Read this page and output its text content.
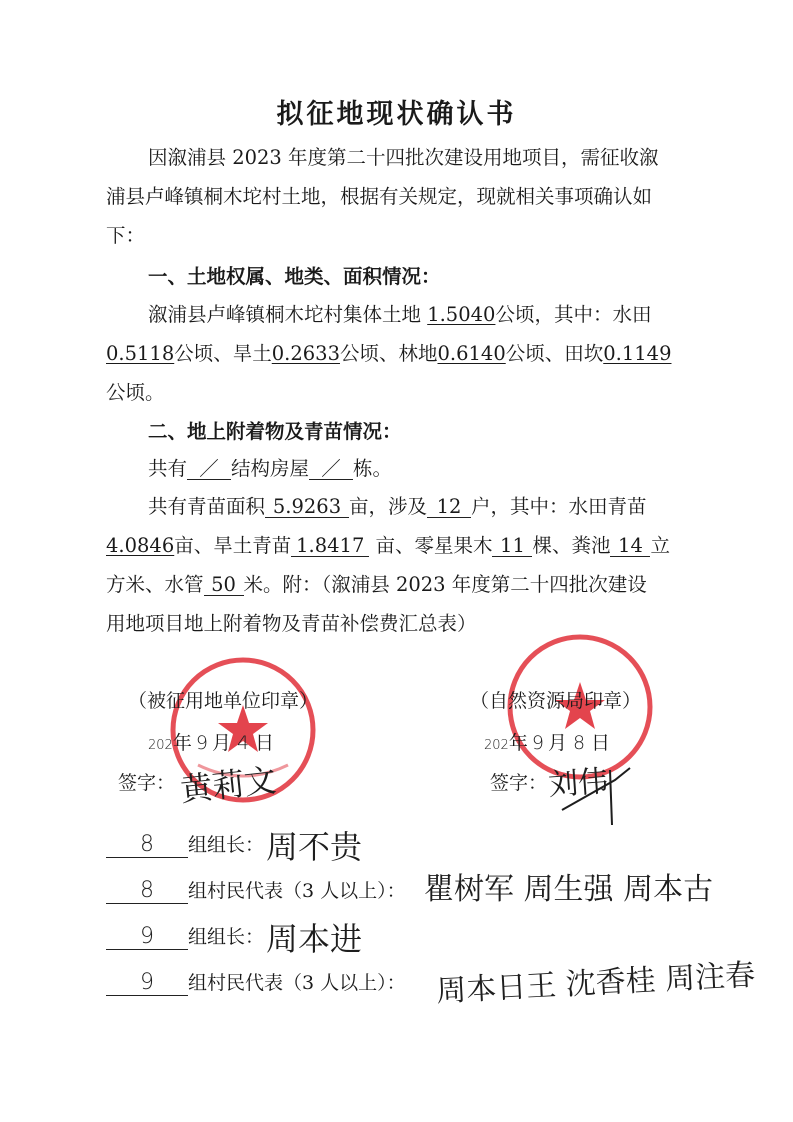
拟征地现状确认书
因溆浦县 2023 年度第二十四批次建设用地项目，需征收溆
浦县卢峰镇桐木坨村土地，根据有关规定，现就相关事项确认如
下：
一、土地权属、地类、面积情况：
溆浦县卢峰镇桐木坨村集体土地 1.5040公顷，其中：水田
0.5118公顷、旱土0.2633公顷、林地0.6140公顷、田坎0.1149
公顷。
二、地上附着物及青苗情况：
共有 ／ 结构房屋 ／ 栋。
共有青苗面积 5.9263 亩，涉及 12 户，其中：水田青苗
4.0846亩、旱土青苗 1.8417 亩、零星果木 11 棵、粪池 14 立
方米、水管 50 米。附：（溆浦县 2023 年度第二十四批次建设
用地项目地上附着物及青苗补偿费汇总表）
（被征用地单位印章）
202年 9 月 4 日
签字： 黄莉文
（自然资源局印章）
202年 9 月 8 日
签字： 刘伟
8 组组长： 周不贵
8 组村民代表（3 人以上）： 瞿树军 周生强 周本古
9 组组长： 周本进
9 组村民代表（3 人以上）： 周本日王 沈香桂 周注春
